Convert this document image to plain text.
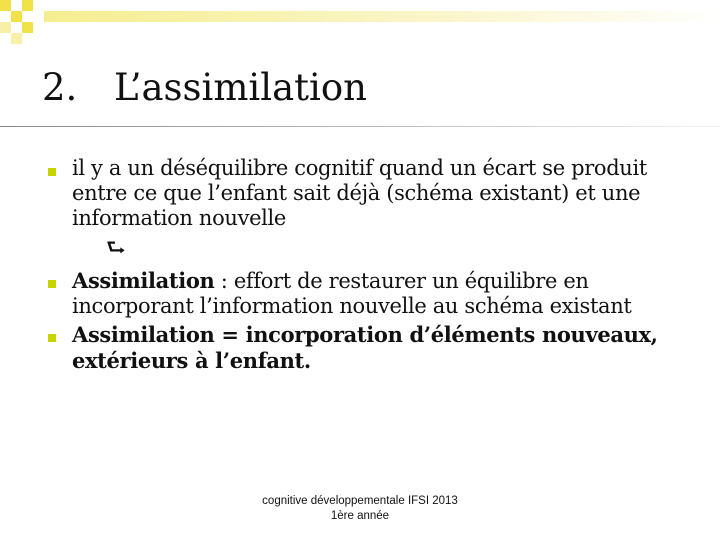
2. L’assimilation
il y a un déséquilibre cognitif quand un écart se produit entre ce que l’enfant sait déjà (schéma existant) et une information nouvelle
⮑
Assimilation : effort de restaurer un équilibre en incorporant l’information nouvelle au schéma existant
Assimilation = incorporation d’éléments nouveaux, extérieurs à l’enfant.
cognitive développementale IFSI 2013
1ère année
